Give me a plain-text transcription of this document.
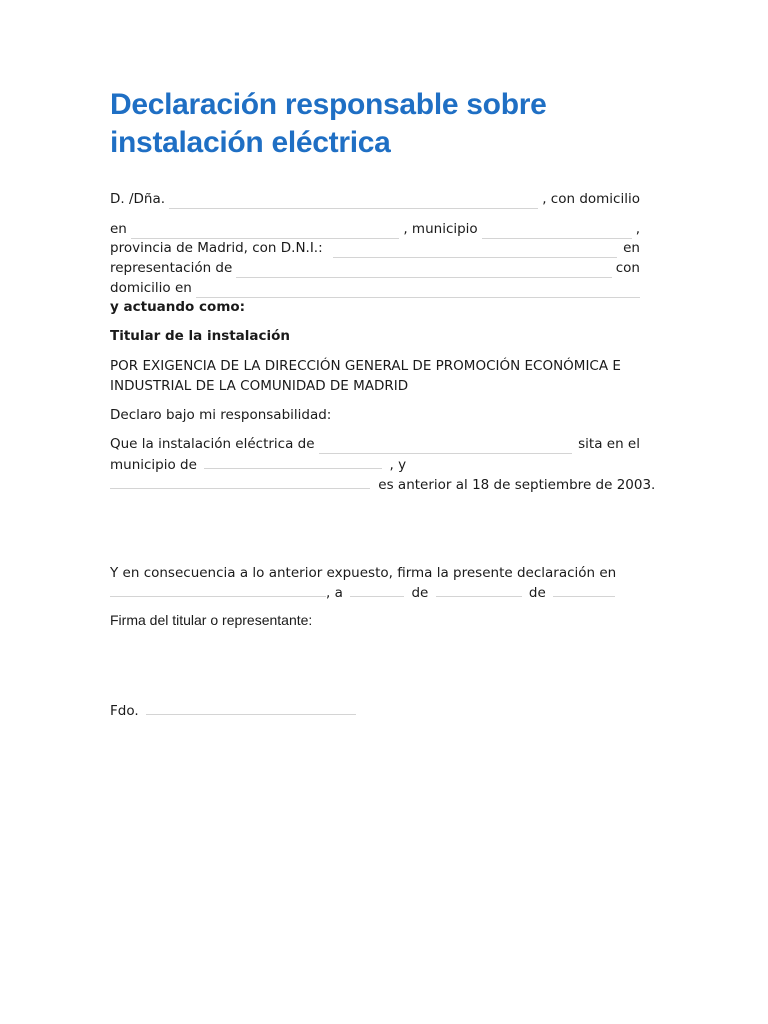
Declaración responsable sobre instalación eléctrica
D. /Dña.	, con domicilio
en	, municipio	,
provincia de Madrid, con D.N.I.:	en
representación de	con
domicilio en
y actuando como:
Titular de la instalación
POR EXIGENCIA DE LA DIRECCIÓN GENERAL DE PROMOCIÓN ECONÓMICA E INDUSTRIAL DE LA COMUNIDAD DE MADRID
Declaro bajo mi responsabilidad:
Que la instalación eléctrica de	sita en el
municipio de	, y
es anterior al 18 de septiembre de 2003.
Y en consecuencia a lo anterior expuesto, firma la presente declaración en
, a	de	de
Firma del titular o representante:
Fdo.
